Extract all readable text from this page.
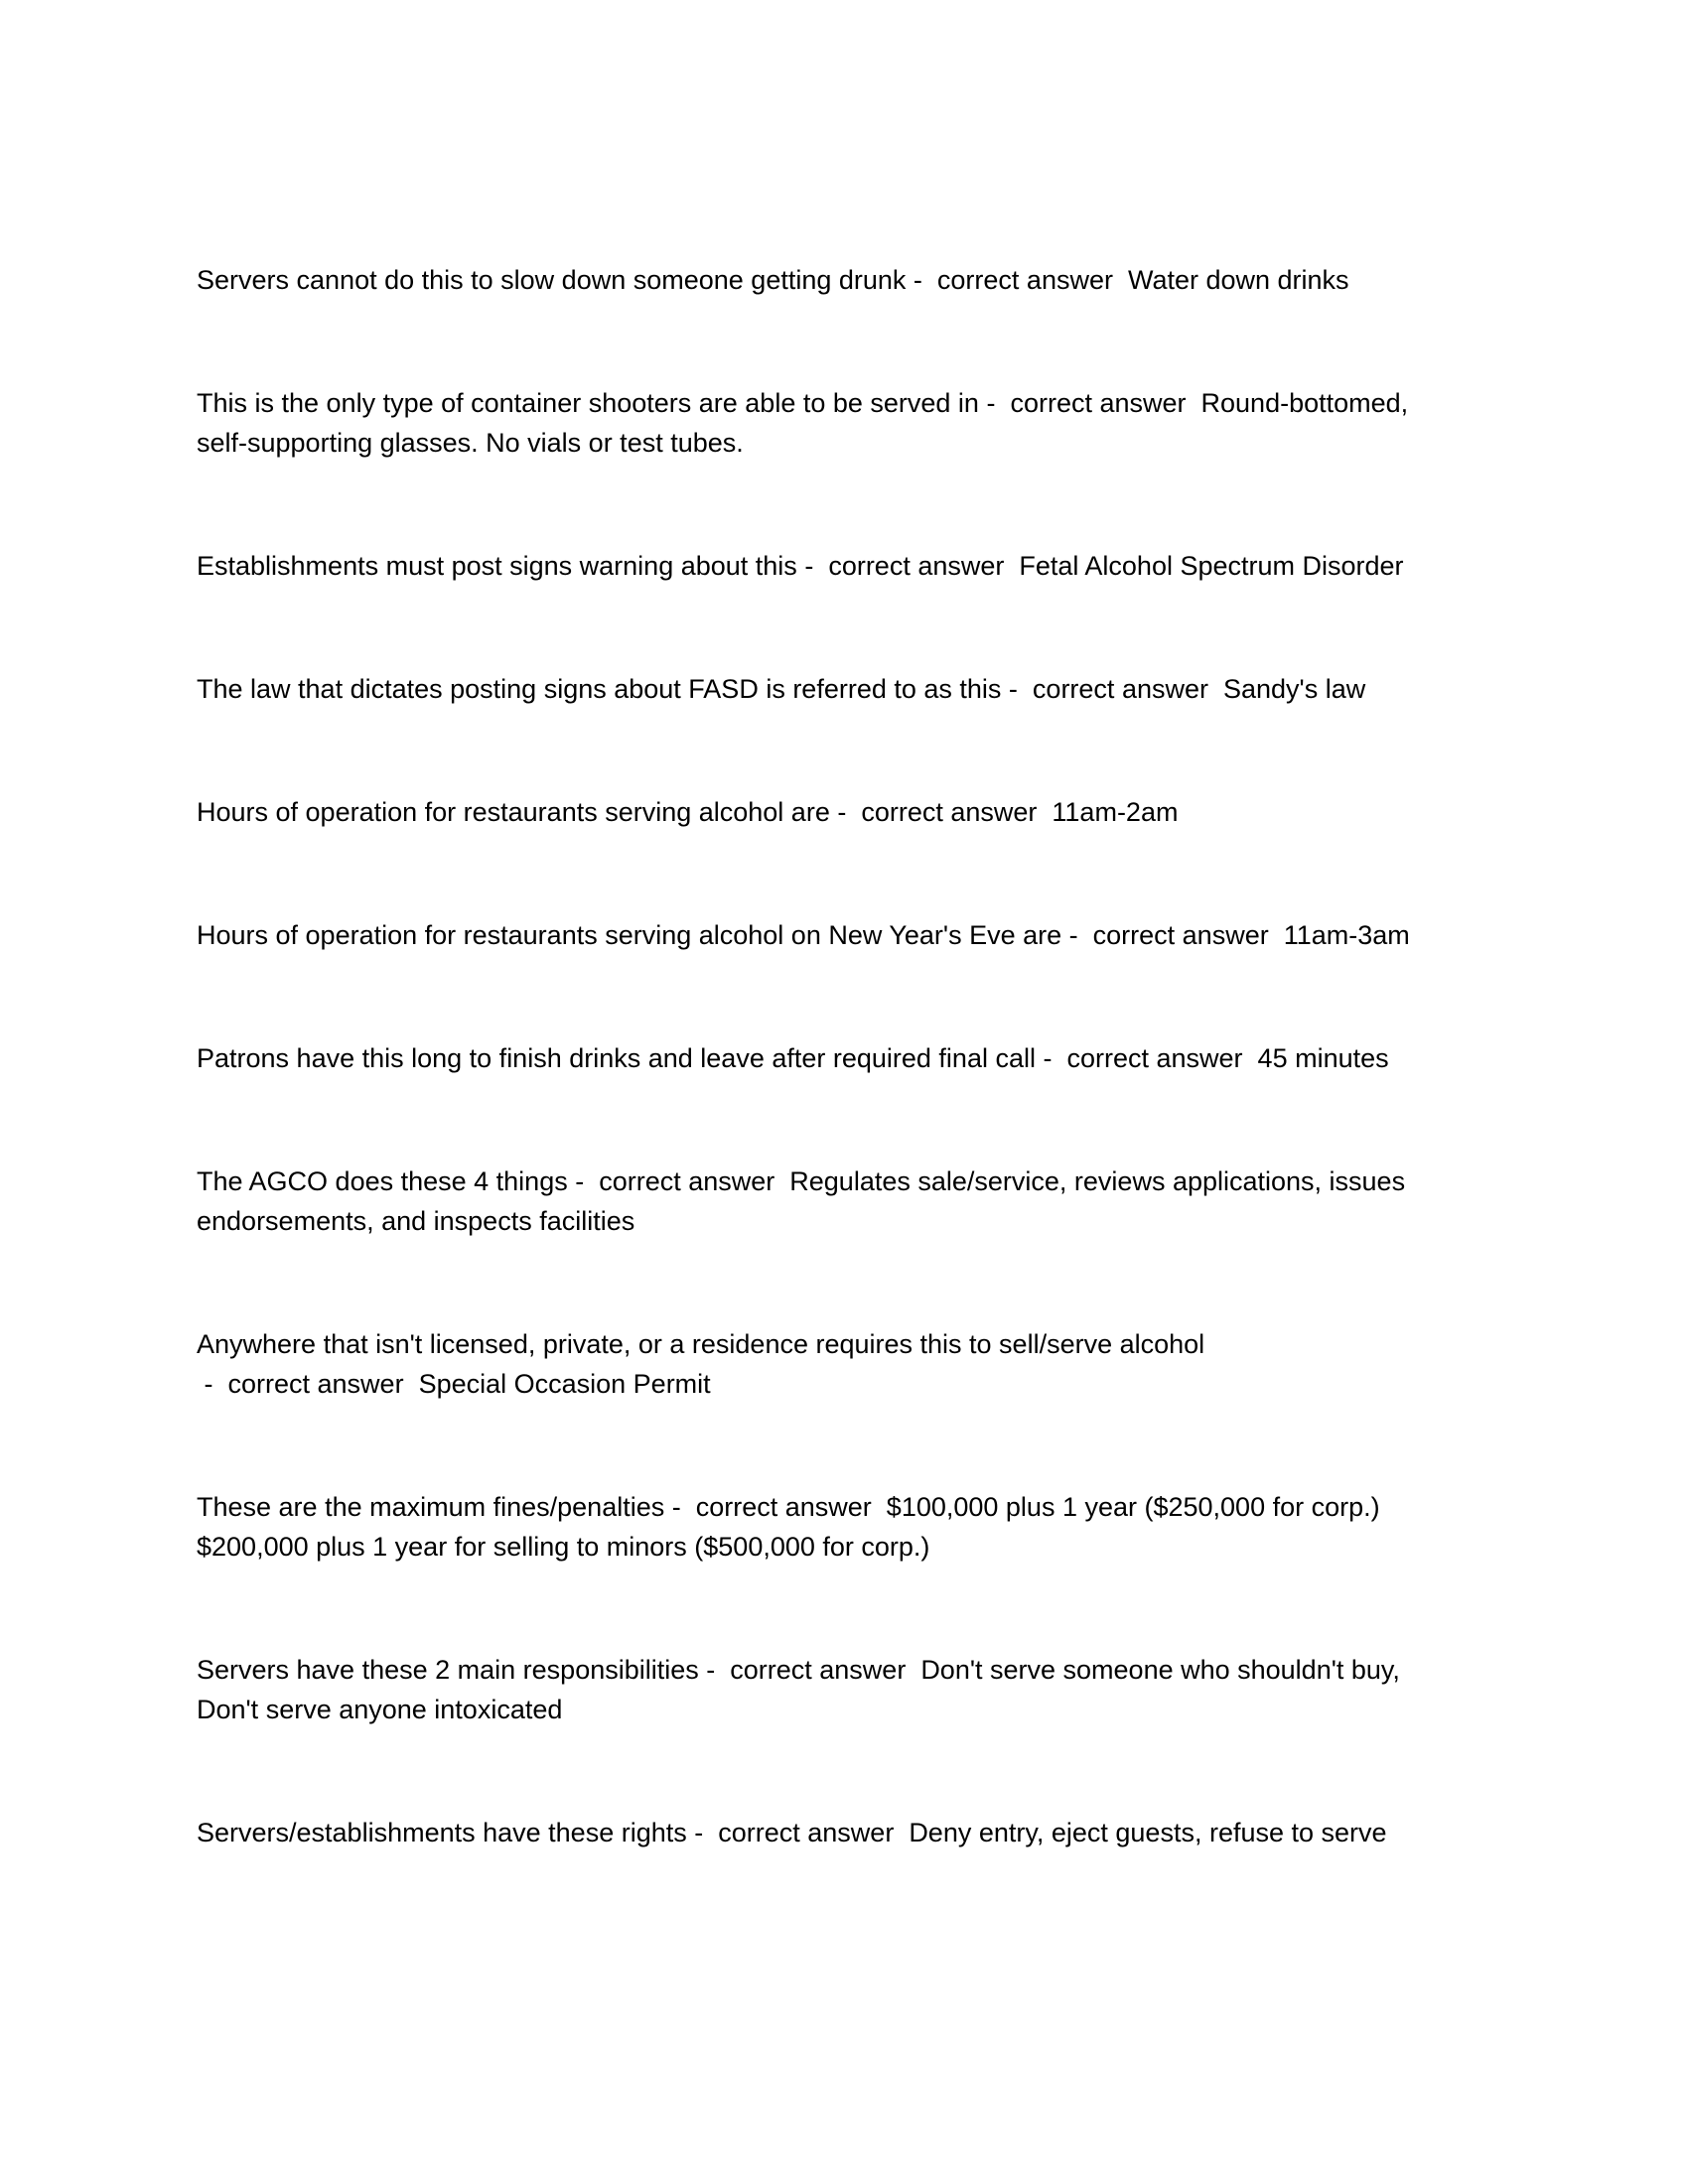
Servers cannot do this to slow down someone getting drunk -  correct answer  Water down drinks
This is the only type of container shooters are able to be served in -  correct answer  Round-bottomed, self-supporting glasses. No vials or test tubes.
Establishments must post signs warning about this -  correct answer  Fetal Alcohol Spectrum Disorder
The law that dictates posting signs about FASD is referred to as this -  correct answer  Sandy's law
Hours of operation for restaurants serving alcohol are -  correct answer  11am-2am
Hours of operation for restaurants serving alcohol on New Year's Eve are -  correct answer  11am-3am
Patrons have this long to finish drinks and leave after required final call -  correct answer  45 minutes
The AGCO does these 4 things -  correct answer  Regulates sale/service, reviews applications, issues endorsements, and inspects facilities
Anywhere that isn't licensed, private, or a residence requires this to sell/serve alcohol -  correct answer  Special Occasion Permit
These are the maximum fines/penalties -  correct answer  $100,000 plus 1 year ($250,000 for corp.) $200,000 plus 1 year for selling to minors ($500,000 for corp.)
Servers have these 2 main responsibilities -  correct answer  Don't serve someone who shouldn't buy, Don't serve anyone intoxicated
Servers/establishments have these rights -  correct answer  Deny entry, eject guests, refuse to serve
